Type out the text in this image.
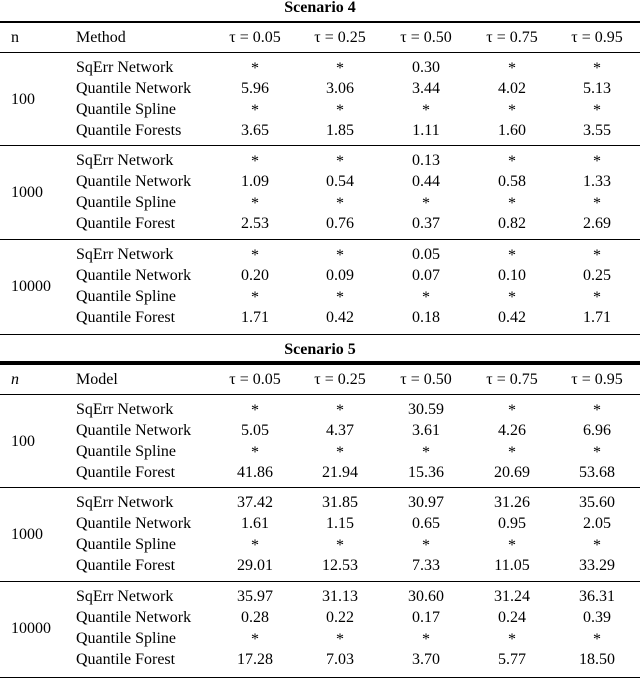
Scenario 4
n	Method	τ = 0.05	τ = 0.25	τ = 0.50	τ = 0.75	τ = 0.95
100
SqErr Network	*	*	0.30	*	*
Quantile Network	5.96	3.06	3.44	4.02	5.13
Quantile Spline	*	*	*	*	*
Quantile Forests	3.65	1.85	1.11	1.60	3.55
1000
SqErr Network	*	*	0.13	*	*
Quantile Network	1.09	0.54	0.44	0.58	1.33
Quantile Spline	*	*	*	*	*
Quantile Forest	2.53	0.76	0.37	0.82	2.69
10000
SqErr Network	*	*	0.05	*	*
Quantile Network	0.20	0.09	0.07	0.10	0.25
Quantile Spline	*	*	*	*	*
Quantile Forest	1.71	0.42	0.18	0.42	1.71
Scenario 5
n	Model	τ = 0.05	τ = 0.25	τ = 0.50	τ = 0.75	τ = 0.95
100
SqErr Network	*	*	30.59	*	*
Quantile Network	5.05	4.37	3.61	4.26	6.96
Quantile Spline	*	*	*	*	*
Quantile Forest	41.86	21.94	15.36	20.69	53.68
1000
SqErr Network	37.42	31.85	30.97	31.26	35.60
Quantile Network	1.61	1.15	0.65	0.95	2.05
Quantile Spline	*	*	*	*	*
Quantile Forest	29.01	12.53	7.33	11.05	33.29
10000
SqErr Network	35.97	31.13	30.60	31.24	36.31
Quantile Network	0.28	0.22	0.17	0.24	0.39
Quantile Spline	*	*	*	*	*
Quantile Forest	17.28	7.03	3.70	5.77	18.50
